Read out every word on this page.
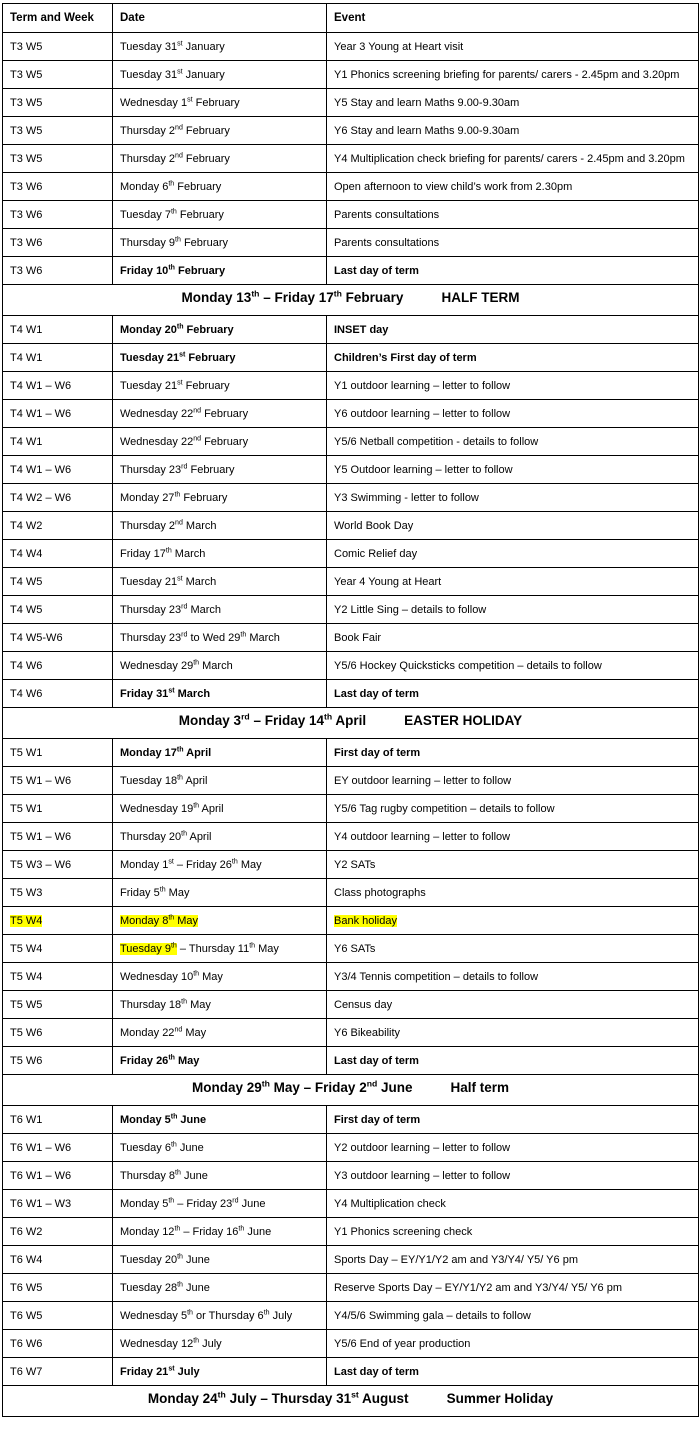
Term and Week	Date	Event
T3 W5	Tuesday 31st January	Year 3 Young at Heart visit
T3 W5	Tuesday 31st January	Y1 Phonics screening briefing for parents/ carers - 2.45pm and 3.20pm
T3 W5	Wednesday 1st February	Y5 Stay and learn Maths 9.00-9.30am
T3 W5	Thursday 2nd February	Y6 Stay and learn Maths 9.00-9.30am
T3 W5	Thursday 2nd February	Y4 Multiplication check briefing for parents/ carers - 2.45pm and 3.20pm
T3 W6	Monday 6th February	Open afternoon to view child’s work from 2.30pm
T3 W6	Tuesday 7th February	Parents consultations
T3 W6	Thursday 9th February	Parents consultations
T3 W6	Friday 10th February	Last day of term
Monday 13th – Friday 17th February HALF TERM		
T4 W1	Monday 20th February	INSET day
T4 W1	Tuesday 21st February	Children’s First day of term
T4 W1 – W6	Tuesday 21st February	Y1 outdoor learning – letter to follow
T4 W1 – W6	Wednesday 22nd February	Y6 outdoor learning – letter to follow
T4 W1	Wednesday 22nd February	Y5/6 Netball competition - details to follow
T4 W1 – W6	Thursday 23rd February	Y5 Outdoor learning – letter to follow
T4 W2 – W6	Monday 27th February	Y3 Swimming - letter to follow
T4 W2	Thursday 2nd March	World Book Day
T4 W4	Friday 17th March	Comic Relief day
T4 W5	Tuesday 21st March	Year 4 Young at Heart
T4 W5	Thursday 23rd March	Y2 Little Sing – details to follow
T4 W5-W6	Thursday 23rd to Wed 29th March	Book Fair
T4 W6	Wednesday 29th March	Y5/6 Hockey Quicksticks competition – details to follow
T4 W6	Friday 31st March	Last day of term
Monday 3rd – Friday 14th April EASTER HOLIDAY		
T5 W1	Monday 17th April	First day of term
T5 W1 – W6	Tuesday 18th April	EY outdoor learning – letter to follow
T5 W1	Wednesday 19th April	Y5/6 Tag rugby competition – details to follow
T5 W1 – W6	Thursday 20th April	Y4 outdoor learning – letter to follow
T5 W3 – W6	Monday 1st – Friday 26th May	Y2 SATs
T5 W3	Friday 5th May	Class photographs
T5 W4	Monday 8th May	Bank holiday
T5 W4	Tuesday 9th – Thursday 11th May	Y6 SATs
T5 W4	Wednesday 10th May	Y3/4 Tennis competition – details to follow
T5 W5	Thursday 18th May	Census day
T5 W6	Monday 22nd May	Y6 Bikeability
T5 W6	Friday 26th May	Last day of term
Monday 29th May – Friday 2nd June Half term		
T6 W1	Monday 5th June	First day of term
T6 W1 – W6	Tuesday 6th June	Y2 outdoor learning – letter to follow
T6 W1 – W6	Thursday 8th June	Y3 outdoor learning – letter to follow
T6 W1 – W3	Monday 5th – Friday 23rd June	Y4 Multiplication check
T6 W2	Monday 12th – Friday 16th June	Y1 Phonics screening check
T6 W4	Tuesday 20th June	Sports Day – EY/Y1/Y2 am and Y3/Y4/ Y5/ Y6 pm
T6 W5	Tuesday 28th June	Reserve Sports Day – EY/Y1/Y2 am and Y3/Y4/ Y5/ Y6 pm
T6 W5	Wednesday 5th or Thursday 6th July	Y4/5/6 Swimming gala – details to follow
T6 W6	Wednesday 12th July	Y5/6 End of year production
T6 W7	Friday 21st July	Last day of term
Monday 24th July – Thursday 31st August Summer Holiday		
